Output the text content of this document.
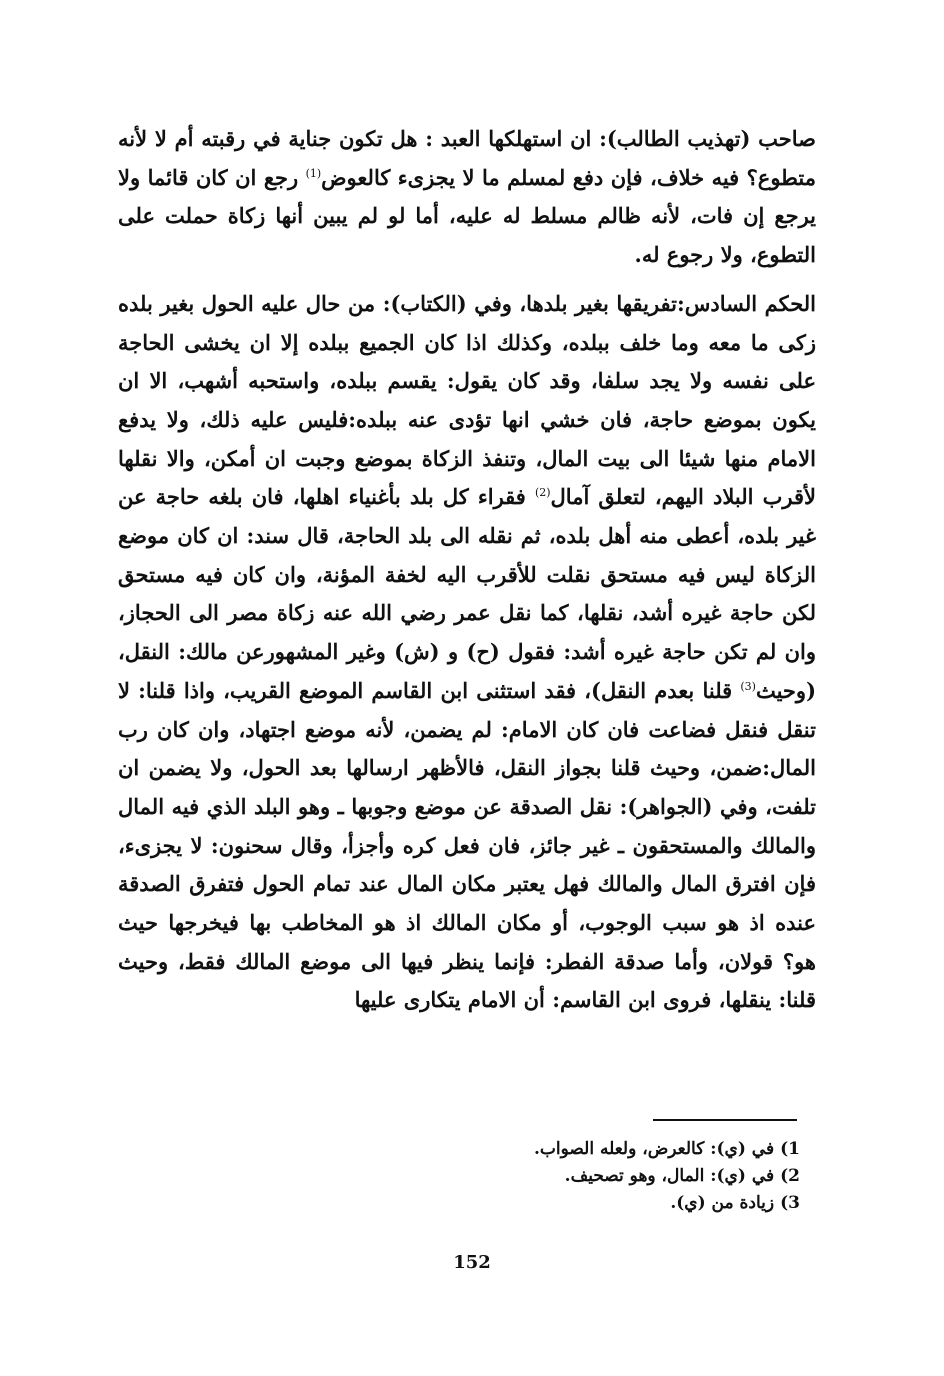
صاحب (تهذيب الطالب): ان استهلكها العبد : هل تكون جناية في رقبته أم لا لأنه متطوع؟ فيه خلاف، فإن دفع لمسلم ما لا يجزىء كالعوض$^{(1)}$ رجع ان كان قائما ولا يرجع إن فات، لأنه ظالم مسلط له عليه، أما لو لم يبين أنها زكاة حملت على التطوع، ولا رجوع له.

الحكم السادس:تفريقها بغير بلدها، وفي (الكتاب): من حال عليه الحول بغير بلده زكى ما معه وما خلف ببلده، وكذلك اذا كان الجميع ببلده إلا ان يخشى الحاجة على نفسه ولا يجد سلفا، وقد كان يقول: يقسم ببلده، واستحبه أشهب، الا ان يكون بموضع حاجة، فان خشي انها تؤدى عنه ببلده:فليس عليه ذلك، ولا يدفع الامام منها شيئا الى بيت المال، وتنفذ الزكاة بموضع وجبت ان أمكن، والا نقلها لأقرب البلاد اليهم، لتعلق آمال$^{(2)}$ فقراء كل بلد بأغنياء اهلها، فان بلغه حاجة عن غير بلده، أعطى منه أهل بلده، ثم نقله الى بلد الحاجة، قال سند: ان كان موضع الزكاة ليس فيه مستحق نقلت للأقرب اليه لخفة المؤنة، وان كان فيه مستحق لكن حاجة غيره أشد، نقلها، كما نقل عمر رضي الله عنه زكاة مصر الى الحجاز، وان لم تكن حاجة غيره أشد: فقول (ح) و (ش) وغير المشهورعن مالك: النقل، (وحيث$^{(3)}$ قلنا بعدم النقل)، فقد استثنى ابن القاسم الموضع القريب، واذا قلنا: لا تنقل فنقل فضاعت فان كان الامام: لم يضمن، لأنه موضع اجتهاد، وان كان رب المال:ضمن، وحيث قلنا بجواز النقل، فالأظهر ارسالها بعد الحول، ولا يضمن ان تلفت، وفي (الجواهر): نقل الصدقة عن موضع وجوبها ـ وهو البلد الذي فيه المال والمالك والمستحقون ـ غير جائز، فان فعل كره وأجزأ، وقال سحنون: لا يجزىء، فإن افترق المال والمالك فهل يعتبر مكان المال عند تمام الحول فتفرق الصدقة عنده اذ هو سبب الوجوب، أو مكان المالك اذ هو المخاطب بها فيخرجها حيث هو؟ قولان، وأما صدقة الفطر: فإنما ينظر فيها الى موضع المالك فقط، وحيث قلنا: ينقلها، فروى ابن القاسم: أن الامام يتكارى عليها

1)في (ي): كالعرض، ولعله الصواب.

2)في (ي): المال، وهو تصحيف.

3)زيادة من (ي).

152
